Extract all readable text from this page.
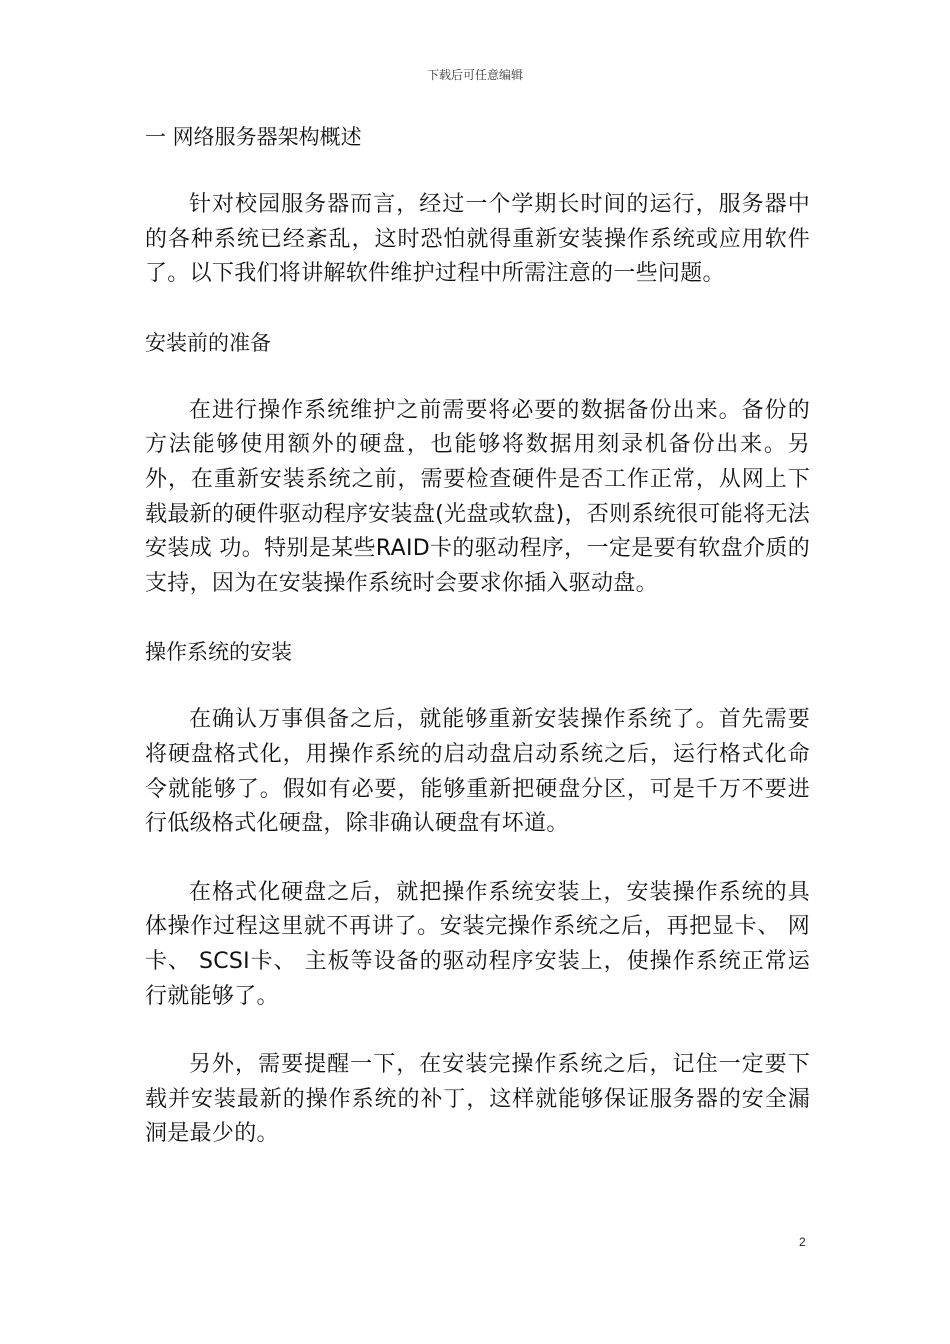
下载后可任意编辑
一 网络服务器架构概述

针对校园服务器而言，经过一个学期长时间的运行，服务器中的各种系统已经紊乱，这时恐怕就得重新安装操作系统或应用软件了。以下我们将讲解软件维护过程中所需注意的一些问题。

安装前的准备

在进行操作系统维护之前需要将必要的数据备份出来。备份的方法能够使用额外的硬盘，也能够将数据用刻录机备份出来。另外，在重新安装系统之前，需要检查硬件是否工作正常，从网上下载最新的硬件驱动程序安装盘(光盘或软盘)，否则系统很可能将无法安装成 功。特别是某些RAID卡的驱动程序，一定是要有软盘介质的支持，因为在安装操作系统时会要求你插入驱动盘。

操作系统的安装

在确认万事俱备之后，就能够重新安装操作系统了。首先需要将硬盘格式化，用操作系统的启动盘启动系统之后，运行格式化命令就能够了。假如有必要，能够重新把硬盘分区，可是千万不要进行低级格式化硬盘，除非确认硬盘有坏道。

在格式化硬盘之后，就把操作系统安装上，安装操作系统的具体操作过程这里就不再讲了。安装完操作系统之后，再把显卡、 网卡、 SCSI卡、 主板等设备的驱动程序安装上，使操作系统正常运行就能够了。

另外，需要提醒一下，在安装完操作系统之后，记住一定要下载并安装最新的操作系统的补丁，这样就能够保证服务器的安全漏洞是最少的。

2
